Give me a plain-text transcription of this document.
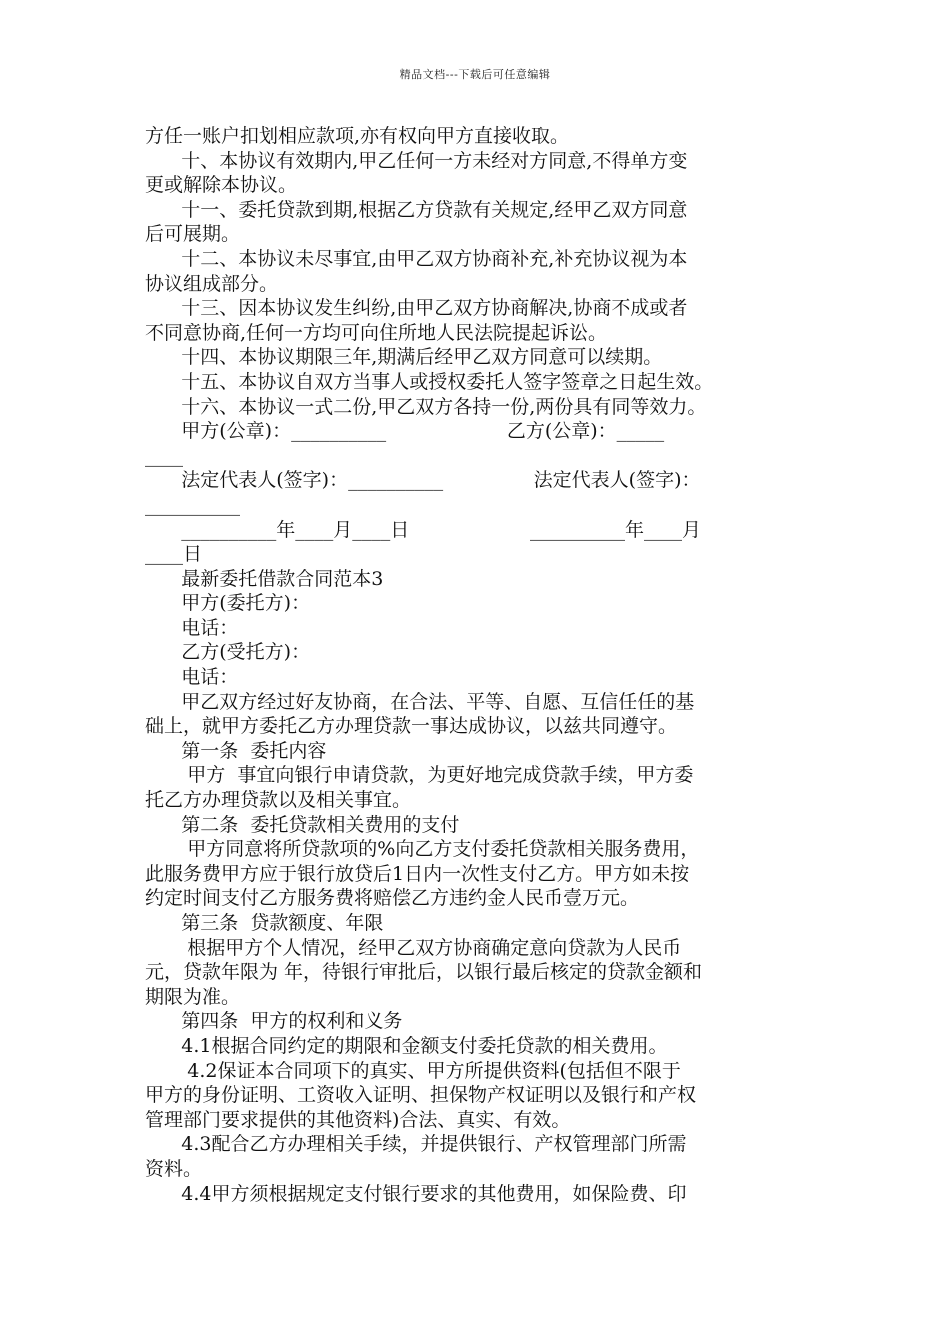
精品文档---下载后可任意编辑
方任一账户扣划相应款项,亦有权向甲方直接收取。
十、本协议有效期内,甲乙任何一方未经对方同意,不得单方变
更或解除本协议。
十一、委托贷款到期,根据乙方贷款有关规定,经甲乙双方同意
后可展期。
十二、本协议未尽事宜,由甲乙双方协商补充,补充协议视为本
协议组成部分。
十三、因本协议发生纠纷,由甲乙双方协商解决,协商不成或者
不同意协商,任何一方均可向住所地人民法院提起诉讼。
十四、本协议期限三年,期满后经甲乙双方同意可以续期。
十五、本协议自双方当事人或授权委托人签字签章之日起生效。
十六、本协议一式二份,甲乙双方各持一份,两份具有同等效力。
甲方(公章)：__________                    乙方(公章)：_____
____
法定代表人(签字)：__________               法定代表人(签字)：
__________
__________年____月____日                    __________年____月
____日
最新委托借款合同范本3
甲方(委托方)：
电话：
乙方(受托方)：
电话：
甲乙双方经过好友协商，在合法、平等、自愿、互信任任的基
础上，就甲方委托乙方办理贷款一事达成协议，以兹共同遵守。
第一条  委托内容
甲方  事宜向银行申请贷款，为更好地完成贷款手续，甲方委
托乙方办理贷款以及相关事宜。
第二条  委托贷款相关费用的支付
甲方同意将所贷款项的%向乙方支付委托贷款相关服务费用，
此服务费甲方应于银行放贷后1日内一次性支付乙方。甲方如未按
约定时间支付乙方服务费将赔偿乙方违约金人民币壹万元。
第三条  贷款额度、年限
根据甲方个人情况，经甲乙双方协商确定意向贷款为人民币
元，贷款年限为 年，待银行审批后，以银行最后核定的贷款金额和
期限为准。
第四条  甲方的权利和义务
4.1根据合同约定的期限和金额支付委托贷款的相关费用。
4.2保证本合同项下的真实、甲方所提供资料(包括但不限于
甲方的身份证明、工资收入证明、担保物产权证明以及银行和产权
管理部门要求提供的其他资料)合法、真实、有效。
4.3配合乙方办理相关手续，并提供银行、产权管理部门所需
资料。
4.4甲方须根据规定支付银行要求的其他费用，如保险费、印
